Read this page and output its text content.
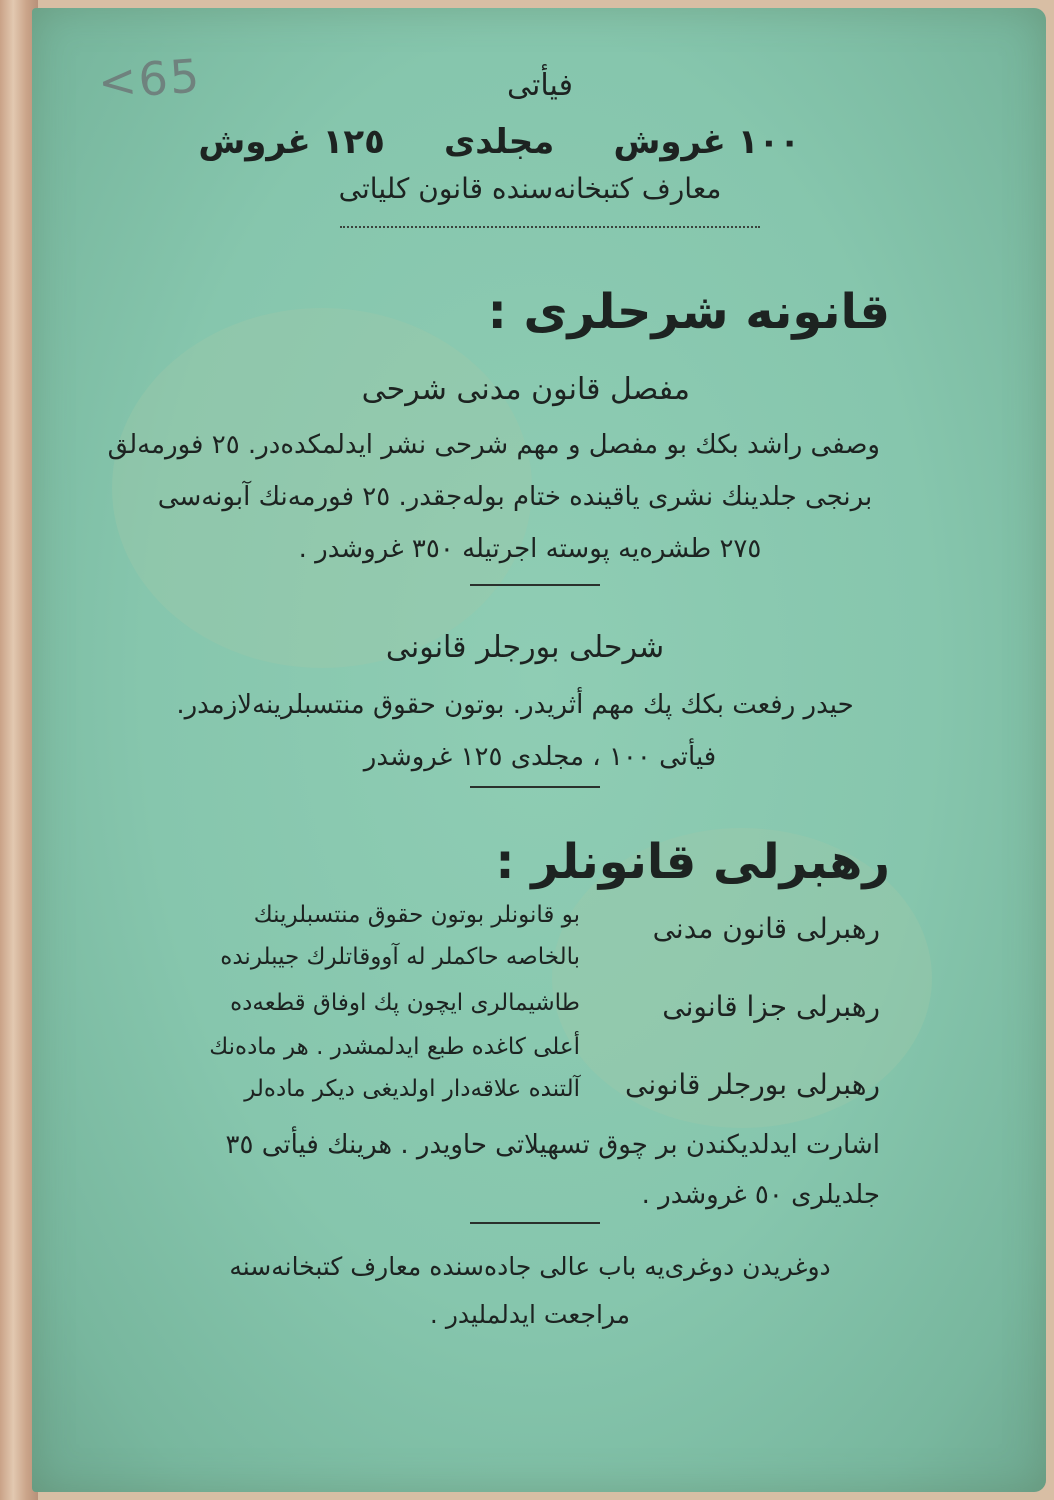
<65	فیأتی
١٠٠ غروش     مجلدی     ١٢٥ غروش
معارف کتبخانه‌سنده قانون کلیاتی
قانونه شرحلری :
مفصل قانون مدنی شرحی
وصفی راشد بکك بو مفصل و مهم شرحی نشر ایدلمکده‌در. ٢٥ فورمه‌لق
برنجی جلدینك نشری یاقینده ختام بوله‌جقدر. ٢٥ فورمه‌نك آبونه‌سی
٢٧٥ طشره‌یه پوسته اجرتیله ٣٥٠ غروشدر .
شرحلی بورجلر قانونی
حیدر رفعت بکك پك مهم أثریدر. بوتون حقوق منتسبلرینه‌لازمدر.
فیأتی ١٠٠ ، مجلدی ١٢٥ غروشدر
رهبرلی قانونلر :
رهبرلی قانون مدنی
رهبرلی جزا قانونی
رهبرلی بورجلر قانونی
بو قانونلر بوتون حقوق منتسبلرینك
بالخاصه حاکملر له آووقاتلرك جیبلرنده
طاشیمالری ایچون پك اوفاق قطعه‌ده
أعلی کاغده‌ طبع ایدلمشدر . هر ماده‌نك
آلتنده علاقه‌دار اولدیغی دیکر ماده‌لر
اشارت ایدلدیکندن بر چوق تسهیلاتی حاویدر . هرینك فیأتی ٣٥
جلدیلری ٥٠ غروشدر .
دوغریدن دوغری‌یه باب عالی جاده‌سنده معارف کتبخانه‌سنه
مراجعت ایدلملیدر .
